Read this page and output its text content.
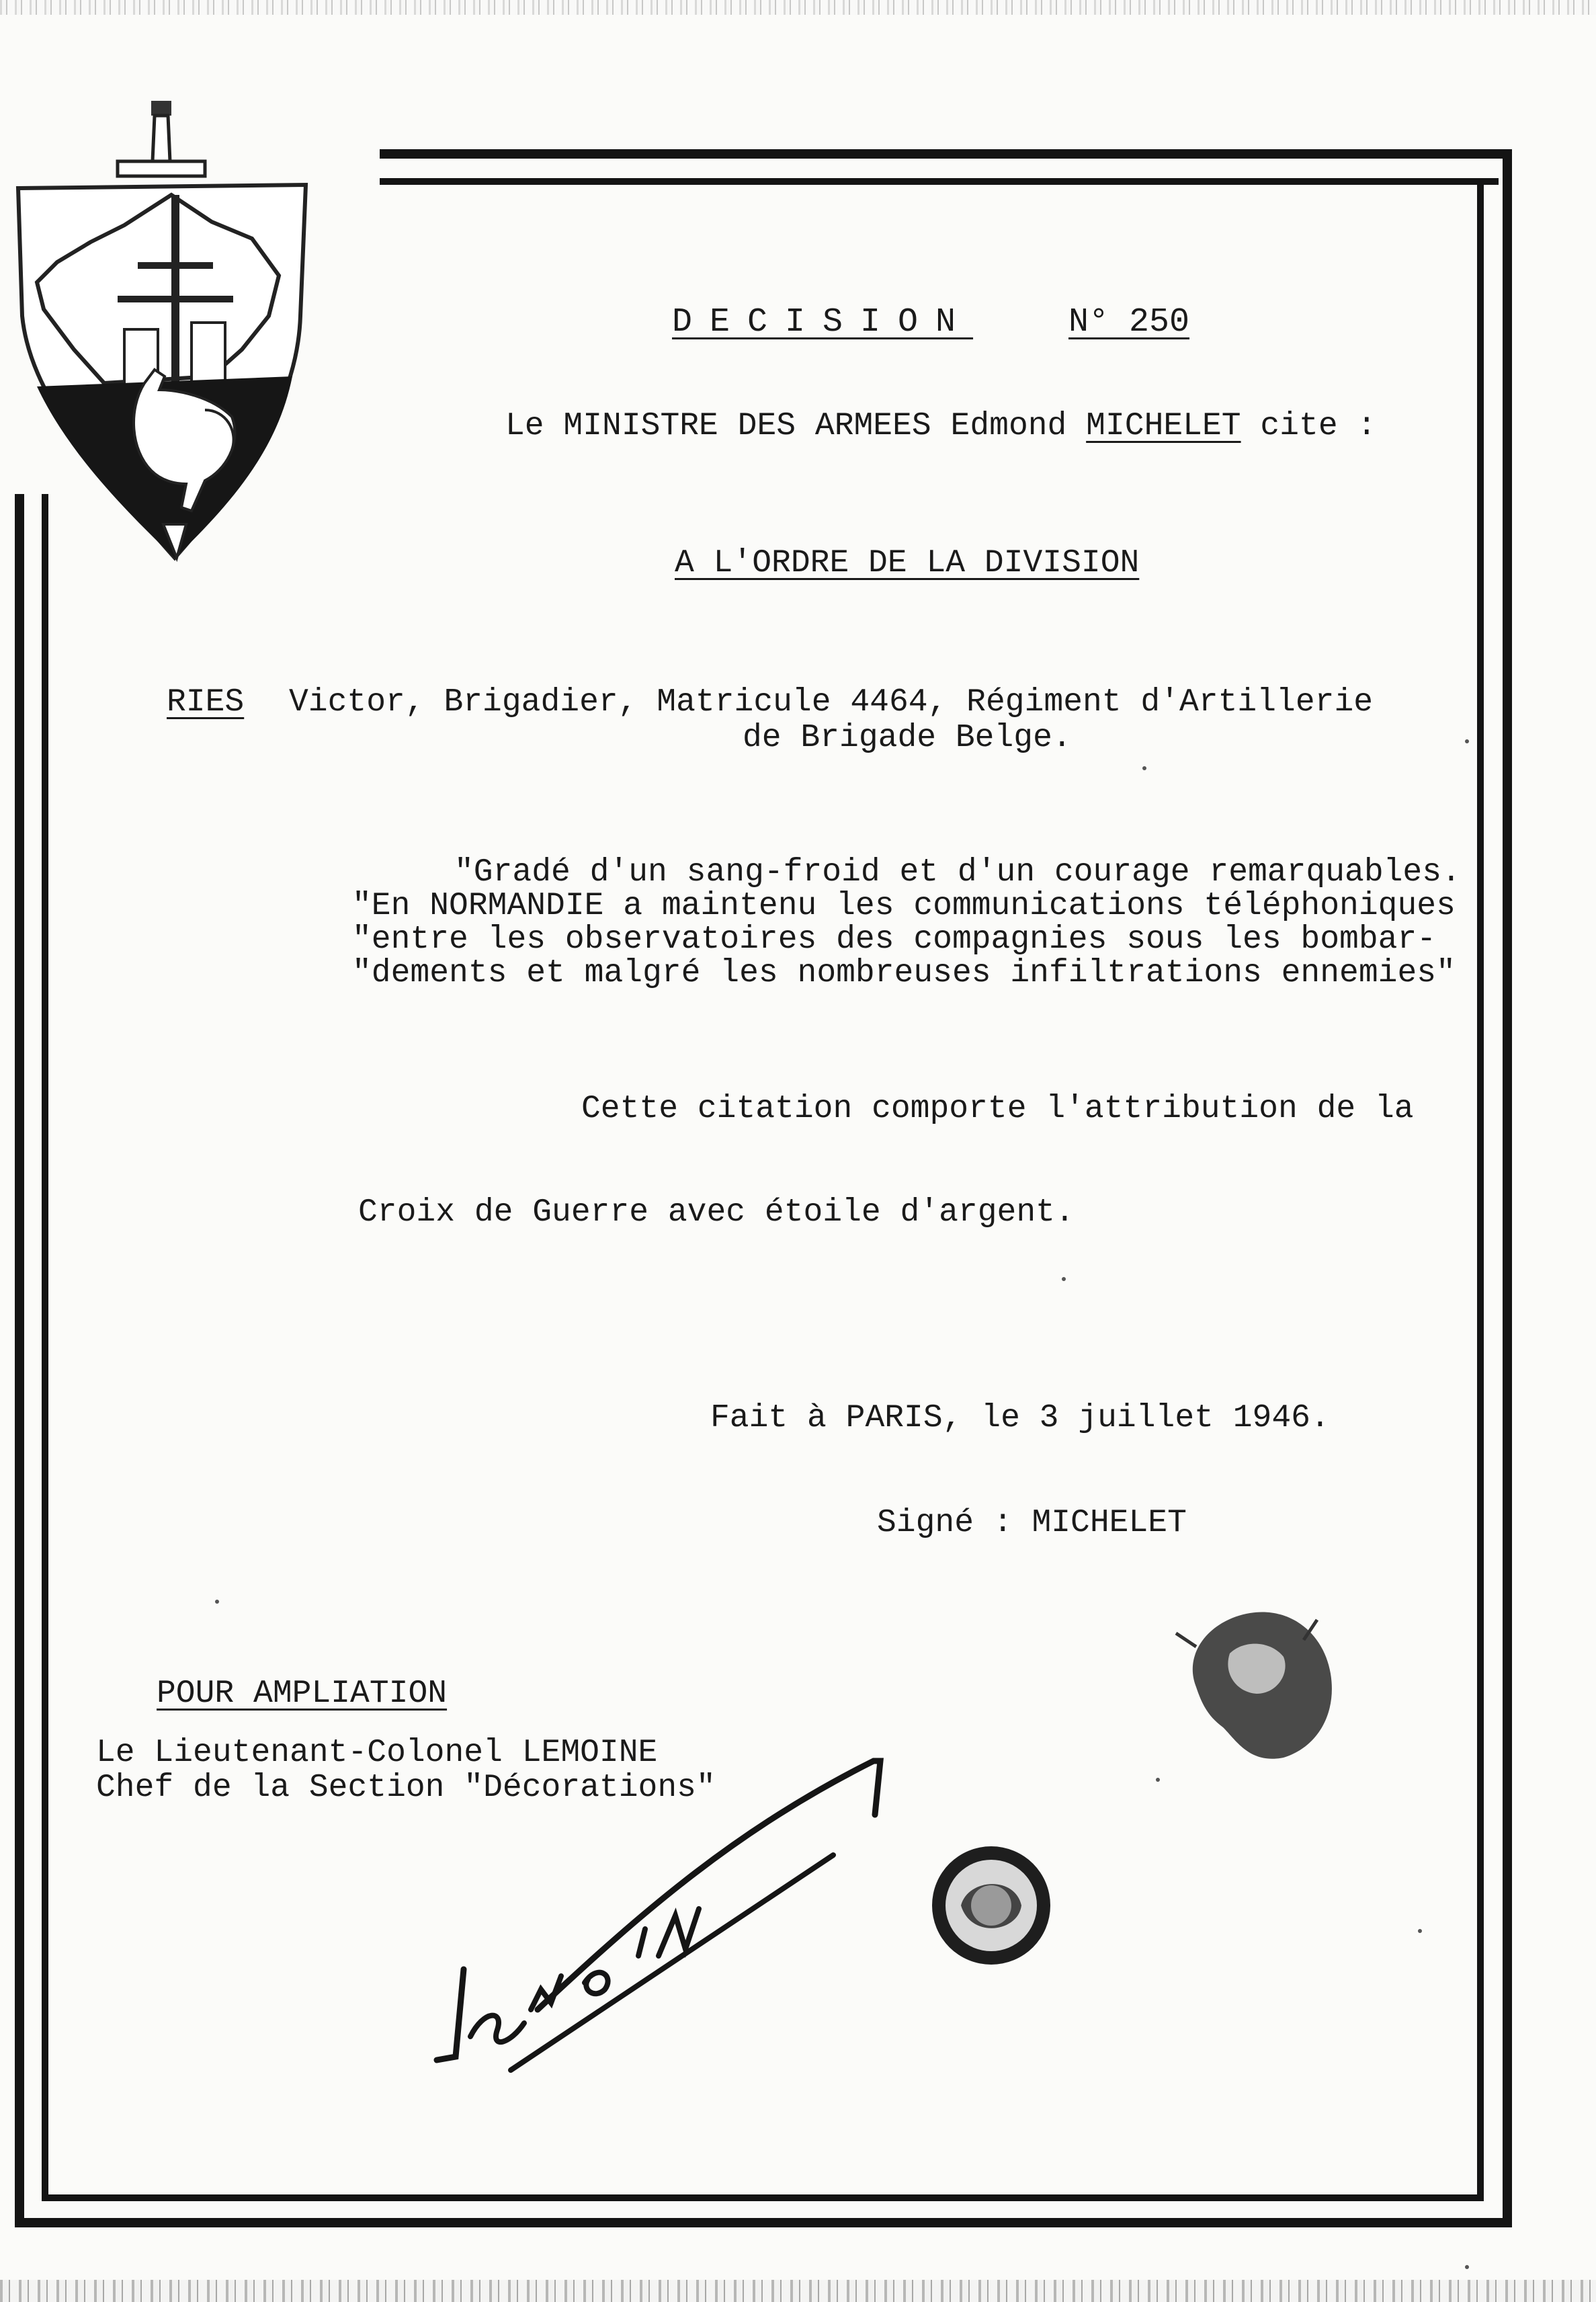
DECISION	N° 250
Le MINISTRE DES ARMEES Edmond MICHELET cite :
A L'ORDRE DE LA DIVISION
RIES Victor, Brigadier, Matricule 4464, Régiment d'Artillerie
de Brigade Belge.
"Gradé d'un sang-froid et d'un courage remarquables.
"En NORMANDIE a maintenu les communications téléphoniques
"entre les observatoires des compagnies sous les bombar-
"dements et malgré les nombreuses infiltrations ennemies"
Cette citation comporte l'attribution de la
Croix de Guerre avec étoile d'argent.
Fait à PARIS, le 3 juillet 1946.
Signé : MICHELET
POUR AMPLIATION
Le Lieutenant-Colonel LEMOINE
Chef de la Section "Décorations"
